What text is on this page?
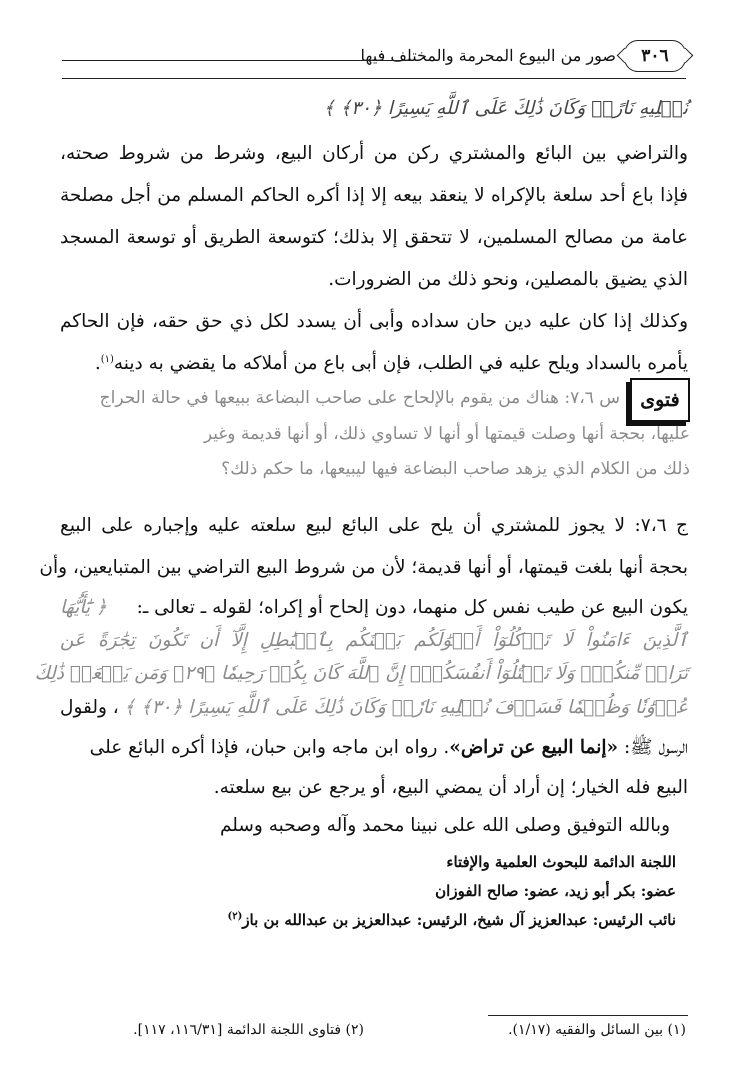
٣٠٦
صور من البيوع المحرمة والمختلف فيها
نُصۡلِيهِ نَارًاۚ وَكَانَ ذَٰلِكَ عَلَى ٱللَّهِ يَسِيرًا ﴿٣٠﴾ ﴾
والتراضي بين البائع والمشتري ركن من أركان البيع، وشرط من شروط صحته،
فإذا باع أحد سلعة بالإكراه لا ينعقد بيعه إلا إذا أكره الحاكم المسلم من أجل مصلحة
عامة من مصالح المسلمين، لا تتحقق إلا بذلك؛ كتوسعة الطريق أو توسعة المسجد
الذي يضيق بالمصلين، ونحو ذلك من الضرورات.
وكذلك إذا كان عليه دين حان سداده وأبى أن يسدد لكل ذي حق حقه، فإن الحاكم
يأمره بالسداد ويلح عليه في الطلب، فإن أبى باع من أملاكه ما يقضي به دينه$^{(١)}$.
فتوى
س ٧،٦: هناك من يقوم بالإلحاح على صاحب البضاعة ببيعها في حالة الحراج
عليها، بحجة أنها وصلت قيمتها أو أنها لا تساوي ذلك، أو أنها قديمة وغير
ذلك من الكلام الذي يزهد صاحب البضاعة فيها ليبيعها، ما حكم ذلك؟
ج ٧،٦: لا يجوز للمشتري أن يلح على البائع لبيع سلعته عليه وإجباره على البيع
بحجة أنها بلغت قيمتها، أو أنها قديمة؛ لأن من شروط البيع التراضي بين المتبايعين، وأن
يكون البيع عن طيب نفس كل منهما، دون إلحاح أو إكراه؛ لقوله ـ تعالى ـ:
﴿ يَٰٓأَيُّهَا
ٱلَّذِينَ ءَامَنُواْ لَا تَأۡكُلُوٓاْ أَمۡوَٰلَكُم بَيۡنَكُم بِٱلۡبَٰطِلِ إِلَّآ أَن تَكُونَ تِجَٰرَةً عَن
تَرَاضٖ مِّنكُمۡۚ وَلَا تَقۡتُلُوٓاْ أَنفُسَكُمۡۚ إِنَّ ٱللَّهَ كَانَ بِكُمۡ رَحِيمٗا ﴿٢٩﴾ وَمَن يَفۡعَلۡ ذَٰلِكَ
عُدۡوَٰنٗا وَظُلۡمٗا فَسَوۡفَ نُصۡلِيهِ نَارٗاۚ وَكَانَ ذَٰلِكَ عَلَى ٱللَّهِ يَسِيرًا ﴿٣٠﴾ ﴾
، ولقول
الرسول ﷺ: «إنما البيع عن تراض». رواه ابن ماجه وابن حبان، فإذا أكره البائع على
البيع فله الخيار؛ إن أراد أن يمضي البيع، أو يرجع عن بيع سلعته.
وبالله التوفيق وصلى الله على نبينا محمد وآله وصحبه وسلم
اللجنة الدائمة للبحوث العلمية والإفتاء
عضو: بكر أبو زيد، عضو: صالح الفوزان
نائب الرئيس: عبدالعزيز آل شيخ، الرئيس: عبدالعزيز بن عبدالله بن باز$^{(٢)}$
(١) بين السائل والفقيه (١/١٧).
(٢) فتاوى اللجنة الدائمة [١١٦/٣١، ١١٧].
